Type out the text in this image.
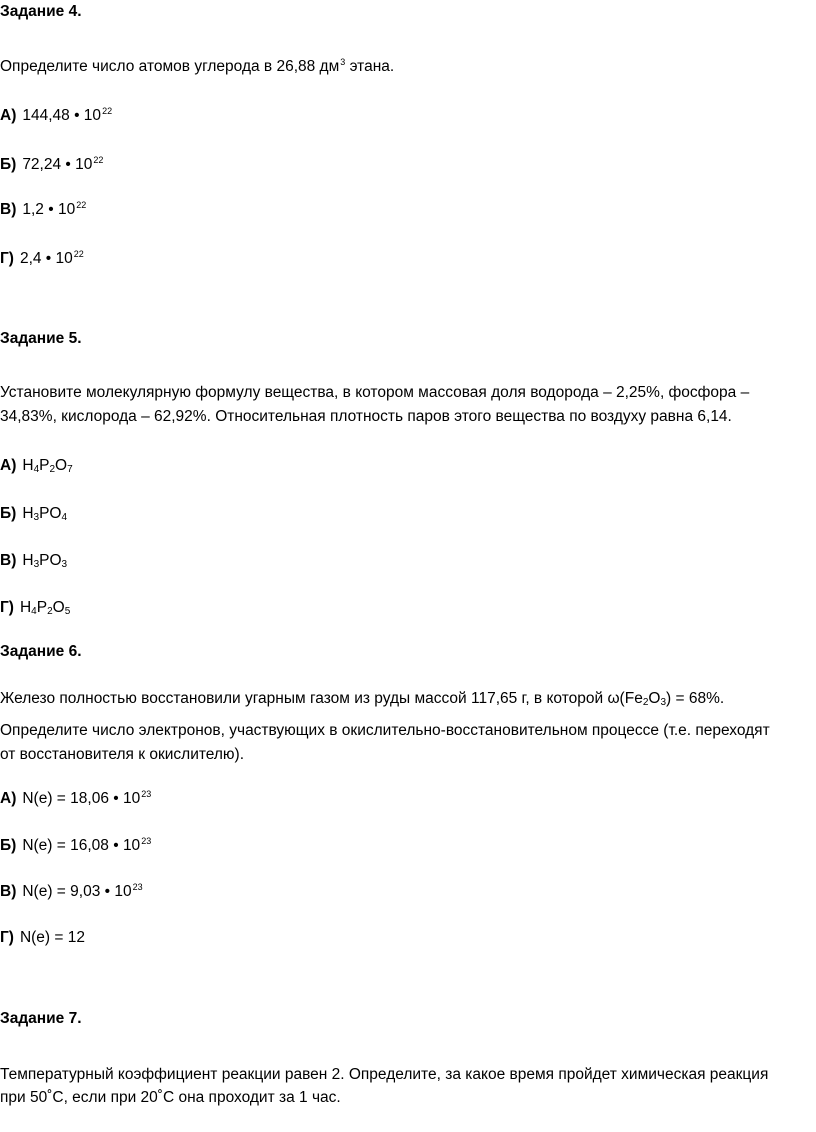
Задание 4.
Определите число атомов углерода в 26,88 $дм^3$ этана.
А) 144,48 • $10^{22}$
Б) 72,24 • $10^{22}$
В) 1,2 • $10^{22}$
Г) 2,4 • $10^{22}$
Задание 5.
Установите молекулярную формулу вещества, в котором массовая доля водорода – 2,25%, фосфора –
34,83%, кислорода – 62,92%. Относительная плотность паров этого вещества по воздуху равна 6,14.
А) $H_4P_2O_7$
Б) $H_3PO_4$
В) $H_3PO_3$
Г) $H_4P_2O_5$
Задание 6.
Железо полностью восстановили угарным газом из руды массой 117,65 г, в которой $\omega(Fe_2O_3) = 68\%$.
Определите число электронов, участвующих в окислительно-восстановительном процессе (т.е. переходят
от восстановителя к окислителю).
А) N(e) = 18,06 • $10^{23}$
Б) N(e) = 16,08 • $10^{23}$
В) N(e) = 9,03 • $10^{23}$
Г) N(e) = 12
Задание 7.
Температурный коэффициент реакции равен 2. Определите, за какое время пройдет химическая реакция
при 50˚С, если при 20˚С она проходит за 1 час.
